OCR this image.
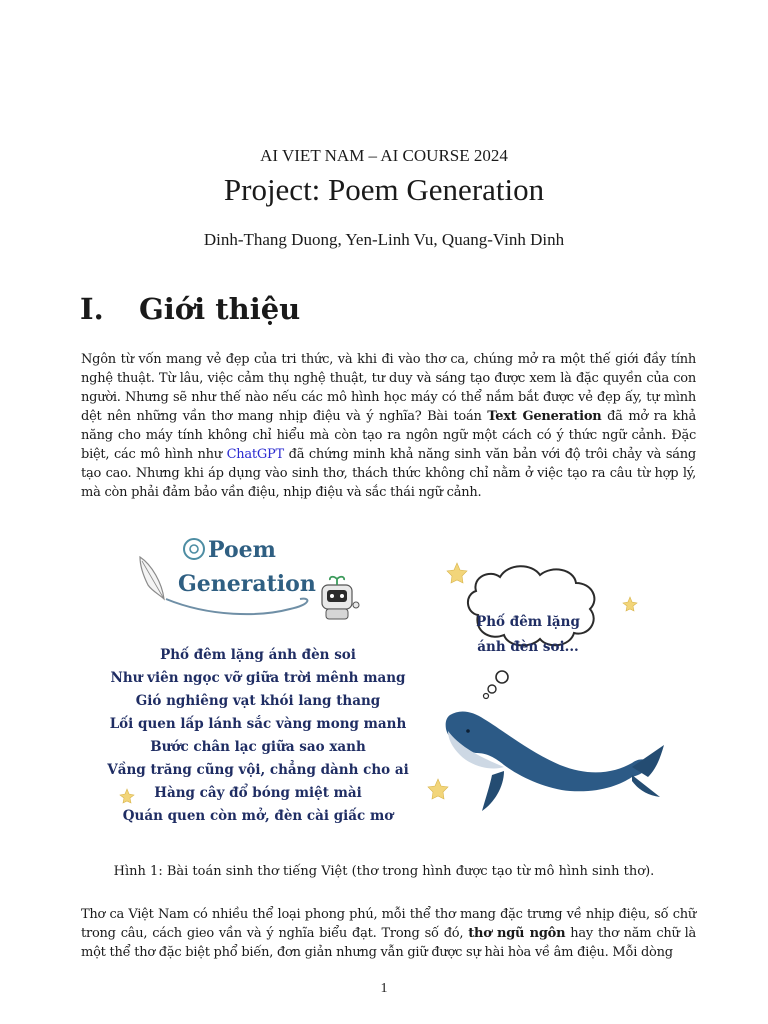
AI VIET NAM – AI COURSE 2024
Project: Poem Generation
Dinh-Thang Duong, Yen-Linh Vu, Quang-Vinh Dinh
I. Giới thiệu

Ngôn từ vốn mang vẻ đẹp của tri thức, và khi đi vào thơ ca, chúng mở ra một thế giới đầy tính nghệ thuật. Từ lâu, việc cảm thụ nghệ thuật, tư duy và sáng tạo được xem là đặc quyền của con người. Nhưng sẽ như thế nào nếu các mô hình học máy có thể nắm bắt được vẻ đẹp ấy, tự mình dệt nên những vần thơ mang nhịp điệu và ý nghĩa? Bài toán Text Generation đã mở ra khả năng cho máy tính không chỉ hiểu mà còn tạo ra ngôn ngữ một cách có ý thức ngữ cảnh. Đặc biệt, các mô hình như ChatGPT đã chứng minh khả năng sinh văn bản với độ trôi chảy và sáng tạo cao. Nhưng khi áp dụng vào sinh thơ, thách thức không chỉ nằm ở việc tạo ra câu từ hợp lý, mà còn phải đảm bảo vần điệu, nhịp điệu và sắc thái ngữ cảnh.

Poem
Generation
Phố đêm lặng ánh đèn soi
Như viên ngọc vỡ giữa trời mênh mang
Gió nghiêng vạt khói lang thang
Lối quen lấp lánh sắc vàng mong manh
Bước chân lạc giữa sao xanh
Vầng trăng cũng vội, chẳng dành cho ai
Hàng cây đổ bóng miệt mài
Quán quen còn mở, đèn cài giấc mơ
Phố đêm lặng
ánh đèn soi...
Hình 1: Bài toán sinh thơ tiếng Việt (thơ trong hình được tạo từ mô hình sinh thơ).

Thơ ca Việt Nam có nhiều thể loại phong phú, mỗi thể thơ mang đặc trưng về nhịp điệu, số chữ trong câu, cách gieo vần và ý nghĩa biểu đạt. Trong số đó, thơ ngũ ngôn hay thơ năm chữ là một thể thơ đặc biệt phổ biến, đơn giản nhưng vẫn giữ được sự hài hòa về âm điệu. Mỗi dòng

1
